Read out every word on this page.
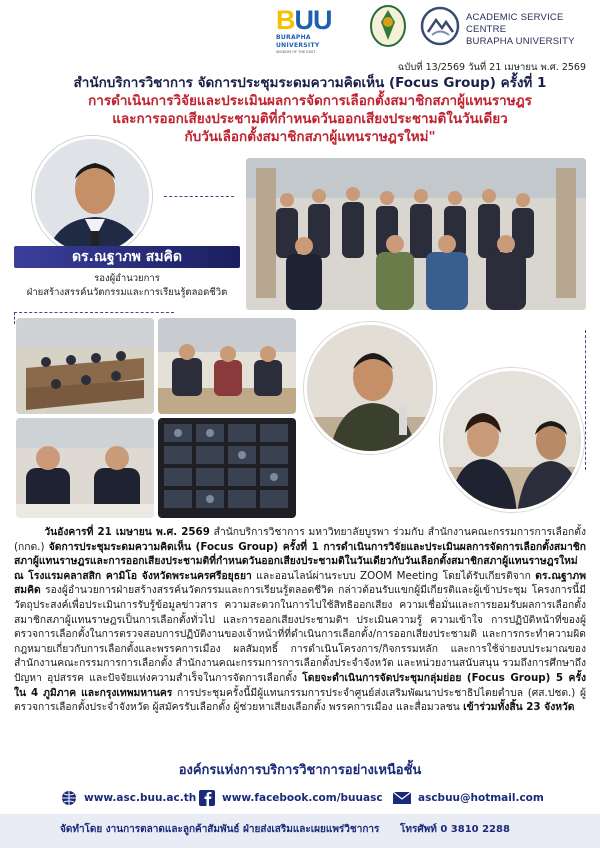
BUU
BURAPHA UNIVERSITY
WISDOM OF THE EAST
ACADEMIC SERVICE CENTRE
BURAPHA UNIVERSITY
ฉบับที่ 13/2569 วันที่ 21 เมษายน พ.ศ. 2569
สำนักบริการวิชาการ จัดการประชุมระดมความคิดเห็น (Focus Group) ครั้งที่ 1
การดำเนินการวิจัยและประเมินผลการจัดการเลือกตั้งสมาชิกสภาผู้แทนราษฎร
และการออกเสียงประชามติที่กำหนดวันออกเสียงประชามติในวันเดียว
กับวันเลือกตั้งสมาชิกสภาผู้แทนราษฎรใหม่"
ดร.ณฐาภพ สมคิด
รองผู้อำนวยการ
ฝ่ายสร้างสรรค์นวัตกรรมและการเรียนรู้ตลอดชีวิต
วันอังคารที่ 21 เมษายน พ.ศ. 2569 สำนักบริการวิชาการ มหาวิทยาลัยบูรพา ร่วมกับ สำนักงานคณะกรรมการการเลือกตั้ง (กกต.) จัดการประชุมระดมความคิดเห็น (Focus Group) ครั้งที่ 1 การดำเนินการวิจัยและประเมินผลการจัดการเลือกตั้งสมาชิกสภาผู้แทนราษฎรและการออกเสียงประชามติที่กำหนดวันออกเสียงประชามติในวันเดียวกับวันเลือกตั้งสมาชิกสภาผู้แทนราษฎรใหม่ ณ โรงแรมคลาสสิก คามิโอ จังหวัดพระนครศรีอยุธยา และออนไลน์ผ่านระบบ ZOOM Meeting โดยได้รับเกียรติจาก ดร.ณฐาภพ สมคิด รองผู้อำนวยการฝ่ายสร้างสรรค์นวัตกรรมและการเรียนรู้ตลอดชีวิต กล่าวต้อนรับแขกผู้มีเกียรติและผู้เข้าประชุม โครงการนี้มีวัตถุประสงค์เพื่อประเมินการรับรู้ข้อมูลข่าวสาร ความสะดวกในการไปใช้สิทธิออกเสียง ความเชื่อมั่นและการยอมรับผลการเลือกตั้งสมาชิกสภาผู้แทนราษฎรเป็นการเลือกตั้งทั่วไป และการออกเสียงประชามติฯ ประเมินความรู้ ความเข้าใจ การปฏิบัติหน้าที่ของผู้ตรวจการเลือกตั้งในการตรวจสอบการปฏิบัติงานของเจ้าหน้าที่ที่ดำเนินการเลือกตั้ง/การออกเสียงประชามติ และการกระทำความผิดกฎหมายเกี่ยวกับการเลือกตั้งและพรรคการเมือง ผลสัมฤทธิ์ การดำเนินโครงการ/กิจกรรมหลัก และการใช้จ่ายงบประมาณของสำนักงานคณะกรรมการการเลือกตั้ง สำนักงานคณะกรรมการการเลือกตั้งประจำจังหวัด และหน่วยงานสนับสนุน รวมถึงการศึกษาถึงปัญหา อุปสรรค และปัจจัยแห่งความสำเร็จในการจัดการเลือกตั้ง โดยจะดำเนินการจัดประชุมกลุ่มย่อย (Focus Group) 5 ครั้ง ใน 4 ภูมิภาค และกรุงเทพมหานคร การประชุมครั้งนี้มีผู้แทนกรรมการประจำศูนย์ส่งเสริมพัฒนาประชาธิปไตยตำบล (ศส.ปชต.) ผู้ตรวจการเลือกตั้งประจำจังหวัด ผู้สมัครรับเลือกตั้ง ผู้ช่วยหาเสียงเลือกตั้ง พรรคการเมือง และสื่อมวลชน เข้าร่วมทั้งสิ้น 23 จังหวัด
องค์กรแห่งการบริการวิชาการอย่างเหนือชั้น
www.asc.buu.ac.th www.facebook.com/buuasc	ascbuu@hotmail.com
จัดทำโดย งานการตลาดและลูกค้าสัมพันธ์ ฝ่ายส่งเสริมและเผยแพร่วิชาการ โทรศัพท์ 0 3810 2288
